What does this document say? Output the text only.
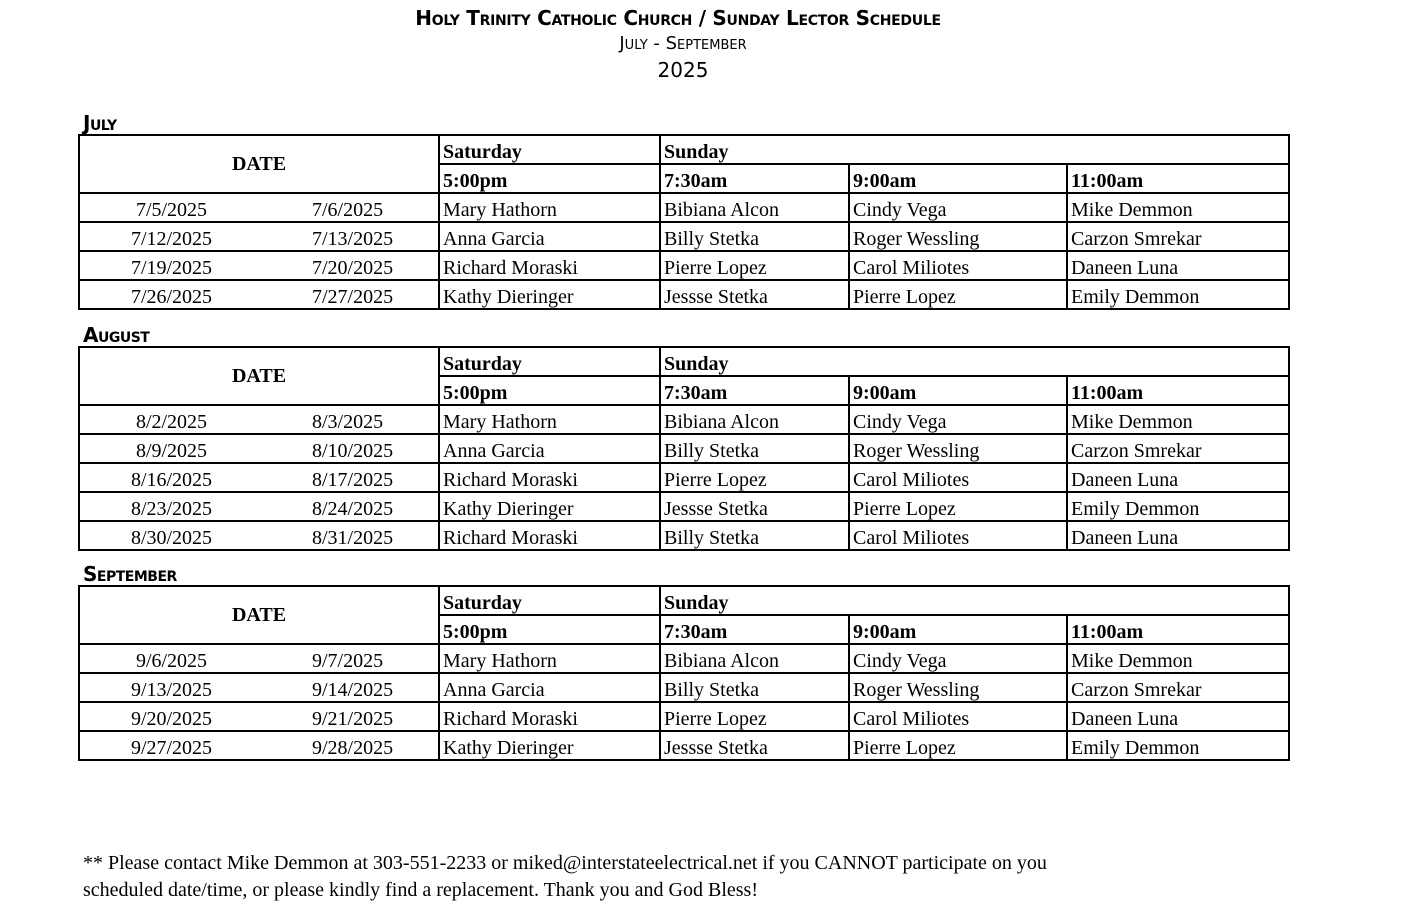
Holy Trinity Catholic Church / Sunday Lector Schedule
July - September
2025
July
DATE		Saturday	Sunday		
		5:00pm	7:30am	9:00am	11:00am
7/5/2025	7/6/2025	Mary Hathorn	Bibiana Alcon	Cindy Vega	Mike Demmon
7/12/2025	7/13/2025	Anna Garcia	Billy Stetka	Roger Wessling	Carzon Smrekar
7/19/2025	7/20/2025	Richard Moraski	Pierre Lopez	Carol Miliotes	Daneen Luna
7/26/2025	7/27/2025	Kathy Dieringer	Jessse Stetka	Pierre Lopez	Emily Demmon
August
DATE		Saturday	Sunday		
		5:00pm	7:30am	9:00am	11:00am
8/2/2025	8/3/2025	Mary Hathorn	Bibiana Alcon	Cindy Vega	Mike Demmon
8/9/2025	8/10/2025	Anna Garcia	Billy Stetka	Roger Wessling	Carzon Smrekar
8/16/2025	8/17/2025	Richard Moraski	Pierre Lopez	Carol Miliotes	Daneen Luna
8/23/2025	8/24/2025	Kathy Dieringer	Jessse Stetka	Pierre Lopez	Emily Demmon
8/30/2025	8/31/2025	Richard Moraski	Billy Stetka	Carol Miliotes	Daneen Luna
September
DATE		Saturday	Sunday		
		5:00pm	7:30am	9:00am	11:00am
9/6/2025	9/7/2025	Mary Hathorn	Bibiana Alcon	Cindy Vega	Mike Demmon
9/13/2025	9/14/2025	Anna Garcia	Billy Stetka	Roger Wessling	Carzon Smrekar
9/20/2025	9/21/2025	Richard Moraski	Pierre Lopez	Carol Miliotes	Daneen Luna
9/27/2025	9/28/2025	Kathy Dieringer	Jessse Stetka	Pierre Lopez	Emily Demmon
** Please contact Mike Demmon at 303-551-2233 or miked@interstateelectrical.net if you CANNOT participate on you
scheduled date/time, or please kindly find a replacement. Thank you and God Bless!
